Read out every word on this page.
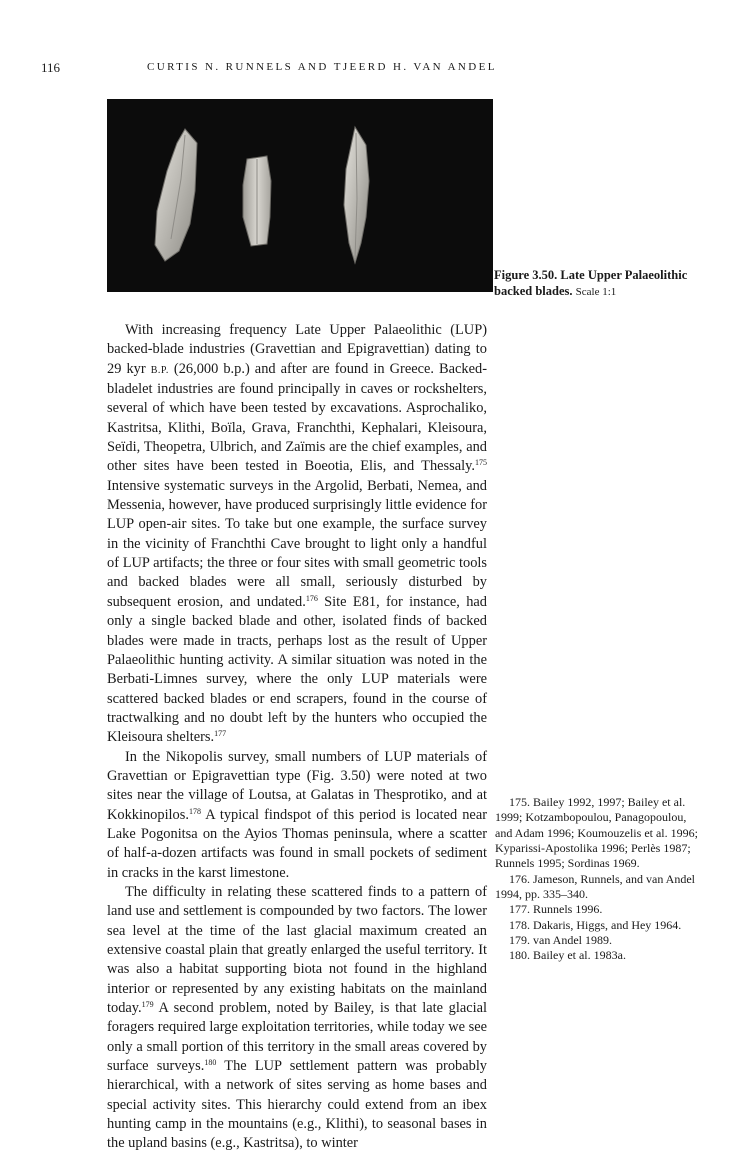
116	CURTIS N. RUNNELS AND TJEERD H. VAN ANDEL
Figure 3.50. Late Upper Palaeolithic backed blades. Scale 1:1

With increasing frequency Late Upper Palaeolithic (LUP) backed-blade industries (Gravettian and Epigravettian) dating to 29 kyr B.P. (26,000 b.p.) and after are found in Greece. Backed-bladelet industries are found principally in caves or rockshelters, several of which have been tested by excavations. Asprochaliko, Kastritsa, Klithi, Boïla, Grava, Franchthi, Kephalari, Kleisoura, Seïdi, Theopetra, Ulbrich, and Zaïmis are the chief examples, and other sites have been tested in Boeotia, Elis, and Thessaly.$^{175}$ Intensive systematic surveys in the Argolid, Berbati, Nemea, and Messenia, however, have produced surprisingly little evidence for LUP open-air sites. To take but one example, the surface survey in the vicinity of Franchthi Cave brought to light only a handful of LUP artifacts; the three or four sites with small geometric tools and backed blades were all small, seriously disturbed by subsequent erosion, and undated.$^{176}$ Site E81, for instance, had only a single backed blade and other, isolated finds of backed blades were made in tracts, perhaps lost as the result of Upper Palaeolithic hunting activity. A similar situation was noted in the Berbati-Limnes survey, where the only LUP materials were scattered backed blades or end scrapers, found in the course of tractwalking and no doubt left by the hunters who occupied the Kleisoura shelters.$^{177}$

In the Nikopolis survey, small numbers of LUP materials of Gravettian or Epigravettian type (Fig. 3.50) were noted at two sites near the village of Loutsa, at Galatas in Thesprotiko, and at Kokkinopilos.$^{178}$ A typical findspot of this period is located near Lake Pogonitsa on the Ayios Thomas peninsula, where a scatter of half-a-dozen artifacts was found in small pockets of sediment in cracks in the karst limestone.

The difficulty in relating these scattered finds to a pattern of land use and settlement is compounded by two factors. The lower sea level at the time of the last glacial maximum created an extensive coastal plain that greatly enlarged the useful territory. It was also a habitat supporting biota not found in the highland interior or represented by any existing habitats on the mainland today.$^{179}$ A second problem, noted by Bailey, is that late glacial foragers required large exploitation territories, while today we see only a small portion of this territory in the small areas covered by surface surveys.$^{180}$ The LUP settlement pattern was probably hierarchical, with a network of sites serving as home bases and special activity sites. This hierarchy could extend from an ibex hunting camp in the mountains (e.g., Klithi), to seasonal bases in the upland basins (e.g., Kastritsa), to winter

175. Bailey 1992, 1997; Bailey et al. 1999; Kotzambopoulou, Panagopoulou, and Adam 1996; Koumouzelis et al. 1996; Kyparissi-Apostolika 1996; Perlès 1987; Runnels 1995; Sordinas 1969.

176. Jameson, Runnels, and van Andel 1994, pp. 335–340.

177. Runnels 1996.

178. Dakaris, Higgs, and Hey 1964.

179. van Andel 1989.

180. Bailey et al. 1983a.
